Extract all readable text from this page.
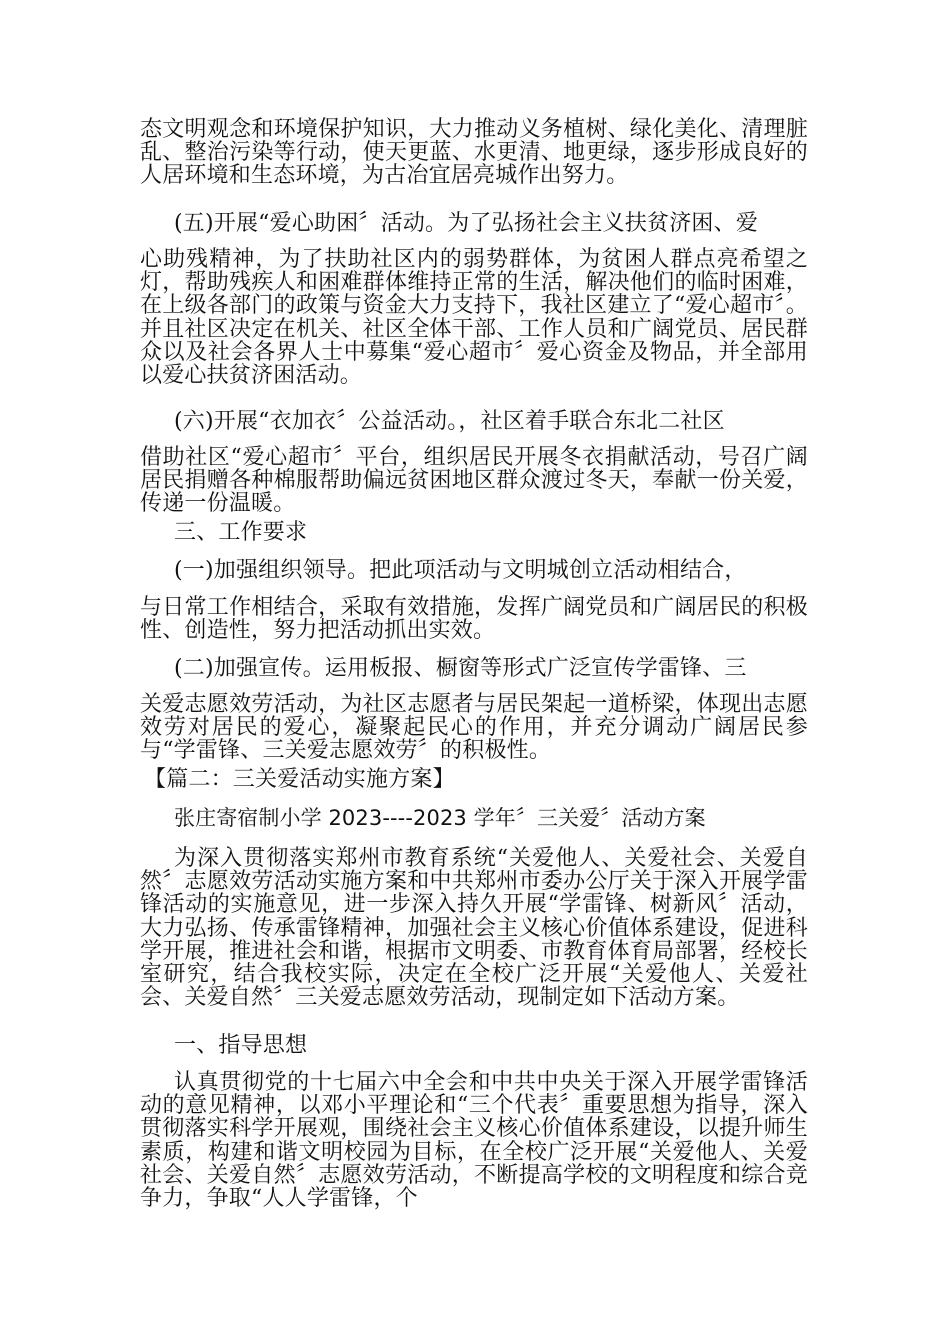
态文明观念和环境保护知识，大力推动义务植树、绿化美化、清理脏乱、整治污染等行动，使天更蓝、水更清、地更绿，逐步形成良好的人居环境和生态环境，为古冶宜居亮城作出努力。

(五)开展“爱心助困〞活动。为了弘扬社会主义扶贫济困、爱

心助残精神，为了扶助社区内的弱势群体，为贫困人群点亮希望之灯，帮助残疾人和困难群体维持正常的生活，解决他们的临时困难，在上级各部门的政策与资金大力支持下，我社区建立了“爱心超市〞。并且社区决定在机关、社区全体干部、工作人员和广阔党员、居民群众以及社会各界人士中募集“爱心超市〞爱心资金及物品，并全部用以爱心扶贫济困活动。

(六)开展“衣加衣〞公益活动。，社区着手联合东北二社区

借助社区“爱心超市〞平台，组织居民开展冬衣捐献活动，号召广阔居民捐赠各种棉服帮助偏远贫困地区群众渡过冬天，奉献一份关爱，传递一份温暖。

三、工作要求

(一)加强组织领导。把此项活动与文明城创立活动相结合，

与日常工作相结合，采取有效措施，发挥广阔党员和广阔居民的积极性、创造性，努力把活动抓出实效。

(二)加强宣传。运用板报、橱窗等形式广泛宣传学雷锋、三

关爱志愿效劳活动，为社区志愿者与居民架起一道桥梁，体现出志愿效劳对居民的爱心，凝聚起民心的作用，并充分调动广阔居民参与“学雷锋、三关爱志愿效劳〞的积极性。

【篇二：三关爱活动实施方案】

张庄寄宿制小学 2023----2023 学年〞三关爱〞活动方案

为深入贯彻落实郑州市教育系统“关爱他人、关爱社会、关爱自然〞志愿效劳活动实施方案和中共郑州市委办公厅关于深入开展学雷锋活动的实施意见，进一步深入持久开展“学雷锋、树新风〞活动，大力弘扬、传承雷锋精神，加强社会主义核心价值体系建设，促进科学开展，推进社会和谐，根据市文明委、市教育体育局部署，经校长室研究，结合我校实际，决定在全校广泛开展“关爱他人、关爱社会、关爱自然〞三关爱志愿效劳活动，现制定如下活动方案。

一、指导思想

认真贯彻党的十七届六中全会和中共中央关于深入开展学雷锋活动的意见精神，以邓小平理论和“三个代表〞重要思想为指导，深入贯彻落实科学开展观，围绕社会主义核心价值体系建设，以提升师生素质，构建和谐文明校园为目标，在全校广泛开展“关爱他人、关爱社会、关爱自然〞志愿效劳活动，不断提高学校的文明程度和综合竞争力，争取“人人学雷锋，个
